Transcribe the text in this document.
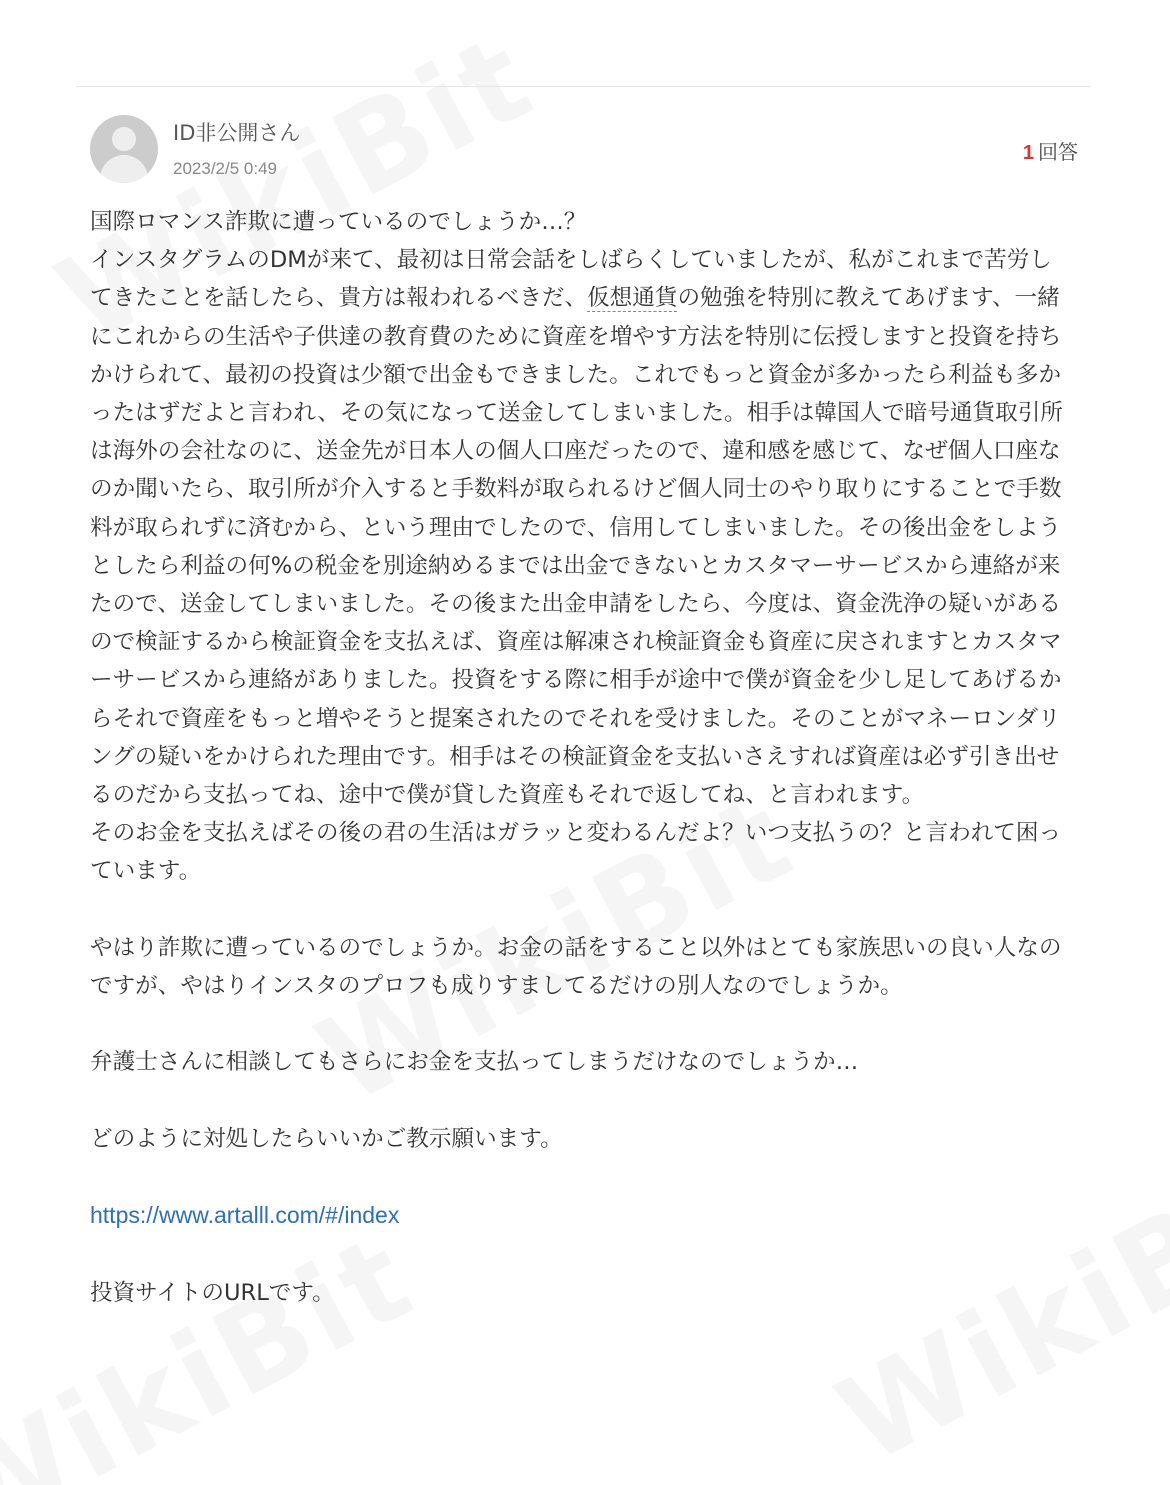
ID非公開さん
2023/2/5 0:49
1 回答

国際ロマンス詐欺に遭っているのでしょうか…？

インスタグラムのDMが来て、最初は日常会話をしばらくしていましたが、私がこれまで苦労してきたことを話したら、貴方は報われるべきだ、仮想通貨の勉強を特別に教えてあげます、一緒にこれからの生活や子供達の教育費のために資産を増やす方法を特別に伝授しますと投資を持ちかけられて、最初の投資は少額で出金もできました。これでもっと資金が多かったら利益も多かったはずだよと言われ、その気になって送金してしまいました。相手は韓国人で暗号通貨取引所は海外の会社なのに、送金先が日本人の個人口座だったので、違和感を感じて、なぜ個人口座なのか聞いたら、取引所が介入すると手数料が取られるけど個人同士のやり取りにすることで手数料が取られずに済むから、という理由でしたので、信用してしまいました。その後出金をしようとしたら利益の何%の税金を別途納めるまでは出金できないとカスタマーサービスから連絡が来たので、送金してしまいました。その後また出金申請をしたら、今度は、資金洗浄の疑いがあるので検証するから検証資金を支払えば、資産は解凍され検証資金も資産に戻されますとカスタマーサービスから連絡がありました。投資をする際に相手が途中で僕が資金を少し足してあげるからそれで資産をもっと増やそうと提案されたのでそれを受けました。そのことがマネーロンダリングの疑いをかけられた理由です。相手はその検証資金を支払いさえすれば資産は必ず引き出せるのだから支払ってね、途中で僕が貸した資産もそれで返してね、と言われます。

そのお金を支払えばその後の君の生活はガラッと変わるんだよ？いつ支払うの？と言われて困っています。

やはり詐欺に遭っているのでしょうか。お金の話をすること以外はとても家族思いの良い人なのですが、やはりインスタのプロフも成りすましてるだけの別人なのでしょうか。

弁護士さんに相談してもさらにお金を支払ってしまうだけなのでしょうか…

どのように対処したらいいかご教示願います。

https://www.artalll.com/#/index

投資サイトのURLです。
